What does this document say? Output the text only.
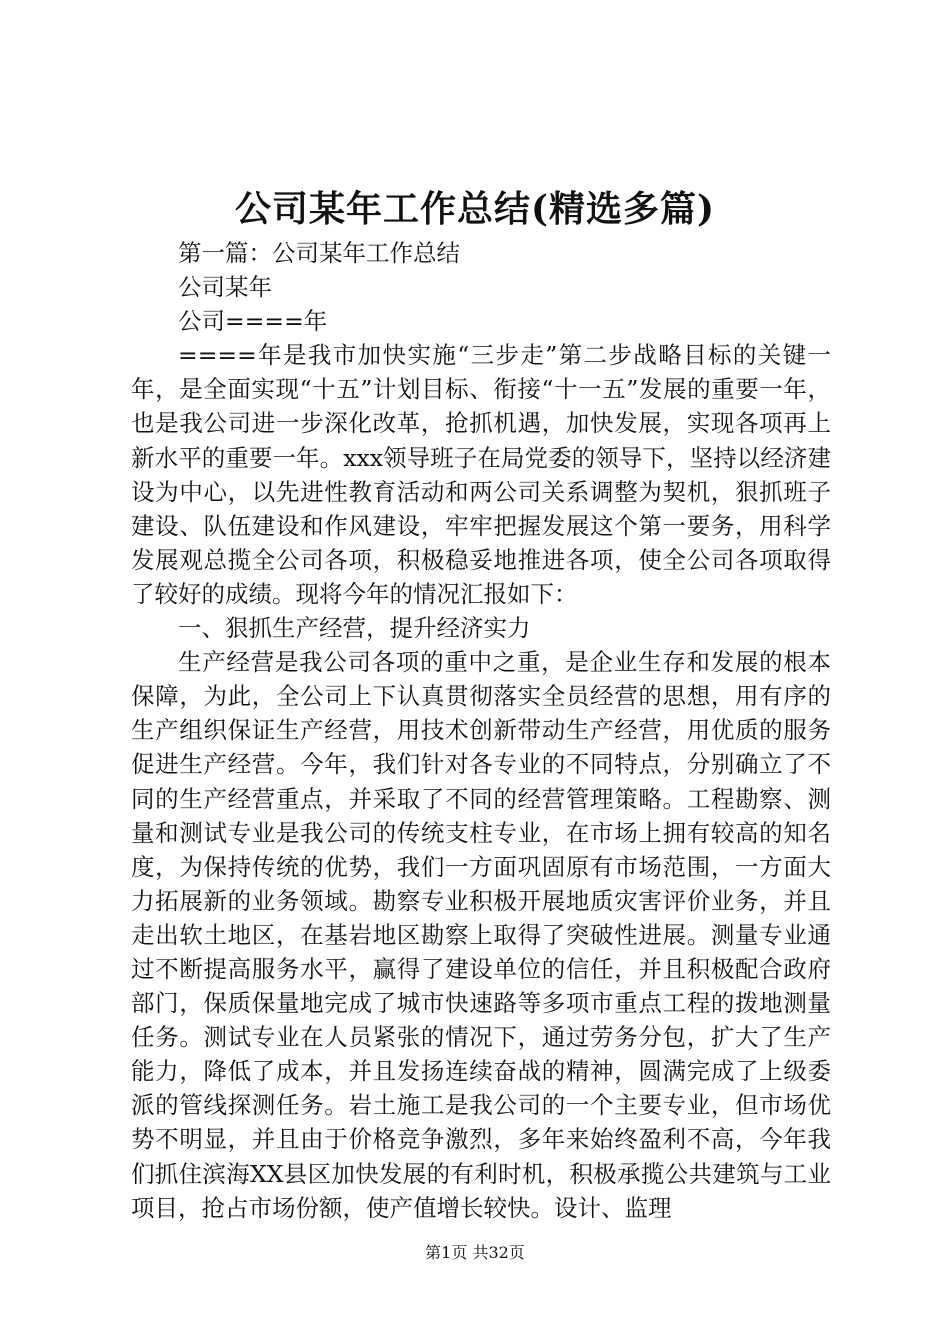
公司某年工作总结(精选多篇)

第一篇：公司某年工作总结

公司某年

公司====年

====年是我市加快实施“三步走”第二步战略目标的关键一年，是全面实现“十五”计划目标、衔接“十一五”发展的重要一年，也是我公司进一步深化改革，抢抓机遇，加快发展，实现各项再上新水平的重要一年。xxx领导班子在局党委的领导下，坚持以经济建设为中心，以先进性教育活动和两公司关系调整为契机，狠抓班子建设、队伍建设和作风建设，牢牢把握发展这个第一要务，用科学发展观总揽全公司各项，积极稳妥地推进各项，使全公司各项取得了较好的成绩。现将今年的情况汇报如下：

一、狠抓生产经营，提升经济实力

生产经营是我公司各项的重中之重，是企业生存和发展的根本保障，为此，全公司上下认真贯彻落实全员经营的思想，用有序的生产组织保证生产经营，用技术创新带动生产经营，用优质的服务促进生产经营。今年，我们针对各专业的不同特点，分别确立了不同的生产经营重点，并采取了不同的经营管理策略。工程勘察、测量和测试专业是我公司的传统支柱专业，在市场上拥有较高的知名度，为保持传统的优势，我们一方面巩固原有市场范围，一方面大力拓展新的业务领域。勘察专业积极开展地质灾害评价业务，并且走出软土地区，在基岩地区勘察上取得了突破性进展。测量专业通过不断提高服务水平，赢得了建设单位的信任，并且积极配合政府部门，保质保量地完成了城市快速路等多项市重点工程的拨地测量任务。测试专业在人员紧张的情况下，通过劳务分包，扩大了生产能力，降低了成本，并且发扬连续奋战的精神，圆满完成了上级委派的管线探测任务。岩土施工是我公司的一个主要专业，但市场优势不明显，并且由于价格竞争激烈，多年来始终盈利不高，今年我们抓住滨海XX县区加快发展的有利时机，积极承揽公共建筑与工业项目，抢占市场份额，使产值增长较快。设计、监理

第1页 共32页
